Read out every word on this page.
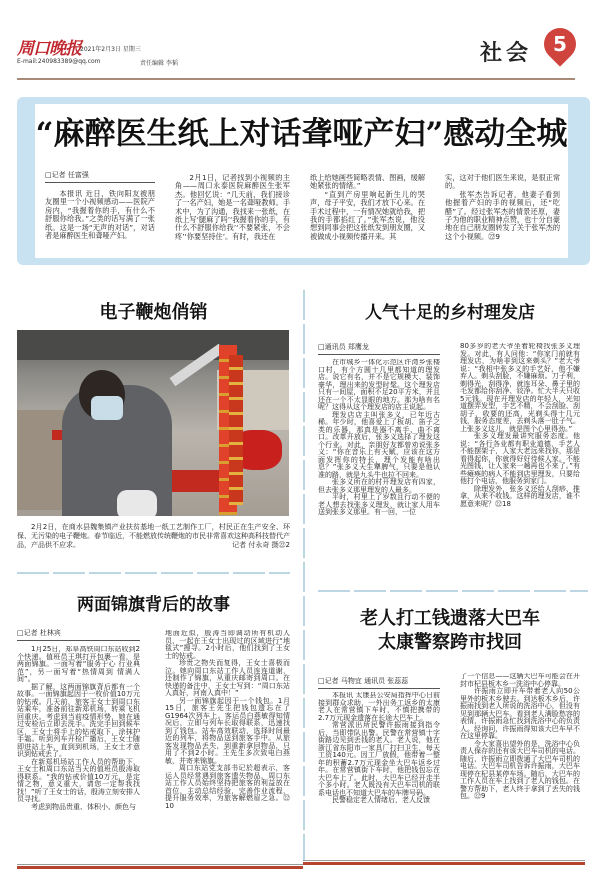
周口晚报 2021年2月3日 星期三
E-mail:240983389@qq.com	责任编辑 李韬	社会	5
“麻醉医生纸上对话聋哑产妇”感动全城
□记者 任富强

本报讯 近日，铁向阳友被朋友圈里一个小视频感动——医院产房内，“我握着你的手，有什么不舒服你给我。”之类的话写满了一张纸。这是一场“无声的对话”，对话者是麻醉医生和聋哑产妇。

2月1日，记者找到小视频的主角——周口永泰医院麻醉医生张军杰。他回忆说：“几天前，我们接诊了一名产妇，她是一名聋哑教师。手术中，为了沟通，我找来一张纸，在纸上写‘腿麻了吗’‘我握着你的手，有什么不舒服你给我’‘不要紧张，不会疼’‘你要坚持住’。有时，我还在

纸上给她画些简略表情、图画，缓解她紧张的情绪。”

“直到产房里响起新生儿的哭声，母子平安，我们才放下心来。在手术过程中，一有情况她就给我，把我的手都掐红了。”张军杰说，他没想到同事会把这张纸发到朋友圈，又被做成小视频传播开来。其

实，这对于他们医生来说，是很正常的。

张军杰告诉记者，他妻子看到他握着产妇的手的视频后，还“吃醋”了。经过张军杰的情景还原，妻子为他的职业精神点赞，也十分自豪地在自己朋友圈转发了关于张军杰的这个小视频。㉒9

电子鞭炮俏销
2月2日，在商水县魏集镇产业扶贫基地一纸工艺制作工厂，村民正在生产安全、环保、无污染的电子鞭炮。春节临近，不能燃放传统鞭炮的市民非常喜欢这种高科技替代产品，产品供不应求。	记者 付永奇 摄㉒2
两面锦旗背后的故事
□记者 杜林宾

1月25日，郑阜高铁周口东站收到2个快递。值班员王琪打开包裹一看，是两面锦旗。一面写着“服务于心 行业典范”，另一面写着“热情周到 情满人间”。

据了解，这两面锦旗背后都有一个故事。一面锦旗起因于一枚价值10万元的钻戒。几天前，旅客王女士到周口东站乘车，准备前往新郑机场，转乘飞机回重庆。考虑到当前疫情形势，她在通过安检后立即去洗手。洗完手回到候车区，王女士将手上的钻戒取下，涂抹护手霜。听到列车开检广播后，王女士随即进站上车，直到到机场，王女士才意识到钻戒丢了。

在新郑机场站工作人员的帮助下，王女士和周口东站当天的值班员殷涛取得联系。“我的钻戒价值10万元，是定情之物，意义重大，请您一定帮我找找！”听了王女士的话，殷涛立刻安排人员寻找。

考虑到物品贵重、体积小、颜色与

地面近似，殷涛当即调动所有机动人员，一起在王女士出现过的区域进行“地毯式”搜寻。2小时后，他们找到了王女士的钻戒。

珍贵之物失而复得，王女士喜极而泣。她向周口东站工作人员连连道谢，还制作了锦旗，从重庆邮寄到周口。在快递的备注中，王女士写到：“周口东站人真好，河南人真中！”

另一面锦旗起因于一个钱包。1月15日，旅客王先生把钱包遗忘在了G1964次列车上。客运员白燕敏得知情况后，立即与列车长取得联系，迅速找到了钱包。站车高效联动，选择时间最近的列车，将物品送到旅客手中。从旅客发现物品丢失，到重新拿回物品，只用了不到2小时。王先生多次致电白燕敏，并寄来锦旗。

周口东站党支部书记於超表示，客运人员经常遇到旅客遗失物品，周口东站工作人员始终坚持把旅客的利益放在首位，主动总结经验，完善作业流程，提升服务效率，为旅客解燃眉之急。㉒10

人气十足的乡村理发店
□通讯员 郑鹰龙

在市城乡一体化示范区许湾乡张楼口村，有个方圆十几里都知道的理发店。说它有名，并不是它规模大、装饰豪华，理出来的发型时髦。这个理发店只有一间屋，面积不足20平方米，并且还在一个不太显眼的地方。那为啥有名呢？这得从这个理发店的店主说起。

理发店店主叫张多义，已年近古稀。年少时，他喜爱上了板胡、笛子之类的乐器，那真是器不离手、曲不离口。改革开放后，张多义选择了理发这个行业。对此，亲朋好友都曾劝说张多义：“你在音乐上有天赋，应该在这方面发挥你的特长，理个发能有啥出息？”张多义天生犟脾气，只要是他认准的路，就是九头牛也拉不回来。

张多义所在的村开理发店有四家，但去张多义那里理发的人最多。

平时，村里上了岁数且行动不便的老人想去找张多义理发，就让家人用车送到张多义那里。有一回，一位

80多岁的老大爷坐着轮椅找张多义理发。对此，有人问他：“你家门前就有理发店，为啥非到这来剃头？”老大爷说：“我相中张多义的手艺好，他不嫌弃人。剃头刮脸，不嫌麻烦。刀子利，剃得光，刮得净，就连耳朵、鼻子里的毛发都给你刮净、铰净。忙大半天只收5元钱。现在开理发店的年轻人，光知道摆弄发型，手艺不精，不会刮脸、刮胡子，收要的还高，光剃头得十几元钱，服务态度差，去剃头落一肚子气。上张多义这儿，就是图个心里得劲。”

张多义理发最讲究服务态度。他说：“各行各业都有职业道德，手艺人不能摆架子，人家大老远来找你，那是看得起你，你就得好好待候人家。不能光图钱，让人家来一趟再也不来了。”有些瘫痪的病人不能到店里理发，只要给他打个电话，他服务到家门。

除理发外，张多义还给人刮痧、推拿，从来不收钱。这样的理发店，谁不愿意来呢？㉒18

老人打工钱遗落大巴车
太康警察跨市找回
□记者 马物宜 通讯员 张蕊蕊

本报讯 太康县公安局指挥中心日前接到群众求助，一外出务工返乡的太康老人在常营镇下车时，不慎把携带的2.7万元现金遗落在长途大巴车上。

常营派出所民警许振雨接到指令后，当即带队出警。民警在常营镇十字街路边见到丢钱的老人。老人说，他在浙江省东阳市一家具厂打扫卫生，每天工资140元。因工厂放假，他带着一整年的积蓄2.7万元现金坐大巴车返乡过年。在常营镇街下车时，他把钱包忘在大巴车上了。此时，大巴车已经开走半个多小时。老人既没有大巴车司机的联系电话也不知道大巴车的车牌号码。

民警稳定老人情绪后，老人反馈

了一个信息——这辆大巴车可能会在开封市杞县板木乡一洗浴中心停靠。

许振雨立即开车带着老人向50公里外的板木乡驶去。到达板木乡后，许振雨找到老人所说的洗浴中心，但没有见到那辆大巴车。看到老人满脸愁容的表情，许振雨急忙找到洗浴中心的负责人。经询问，许振雨得知该大巴车早不在这里停靠。

令大家喜出望外的是，洗浴中心负责人保存的还有该大巴车司机的电话。随后，许振雨立即拨通了大巴车司机的电话。大巴车司机告诉许振雨，大巴车现停在杞县某停车场。随后，大巴车的工作人员在车上找到了老人的钱包。在警方帮助下，老人终于拿到了丢失的钱包。㉒9
